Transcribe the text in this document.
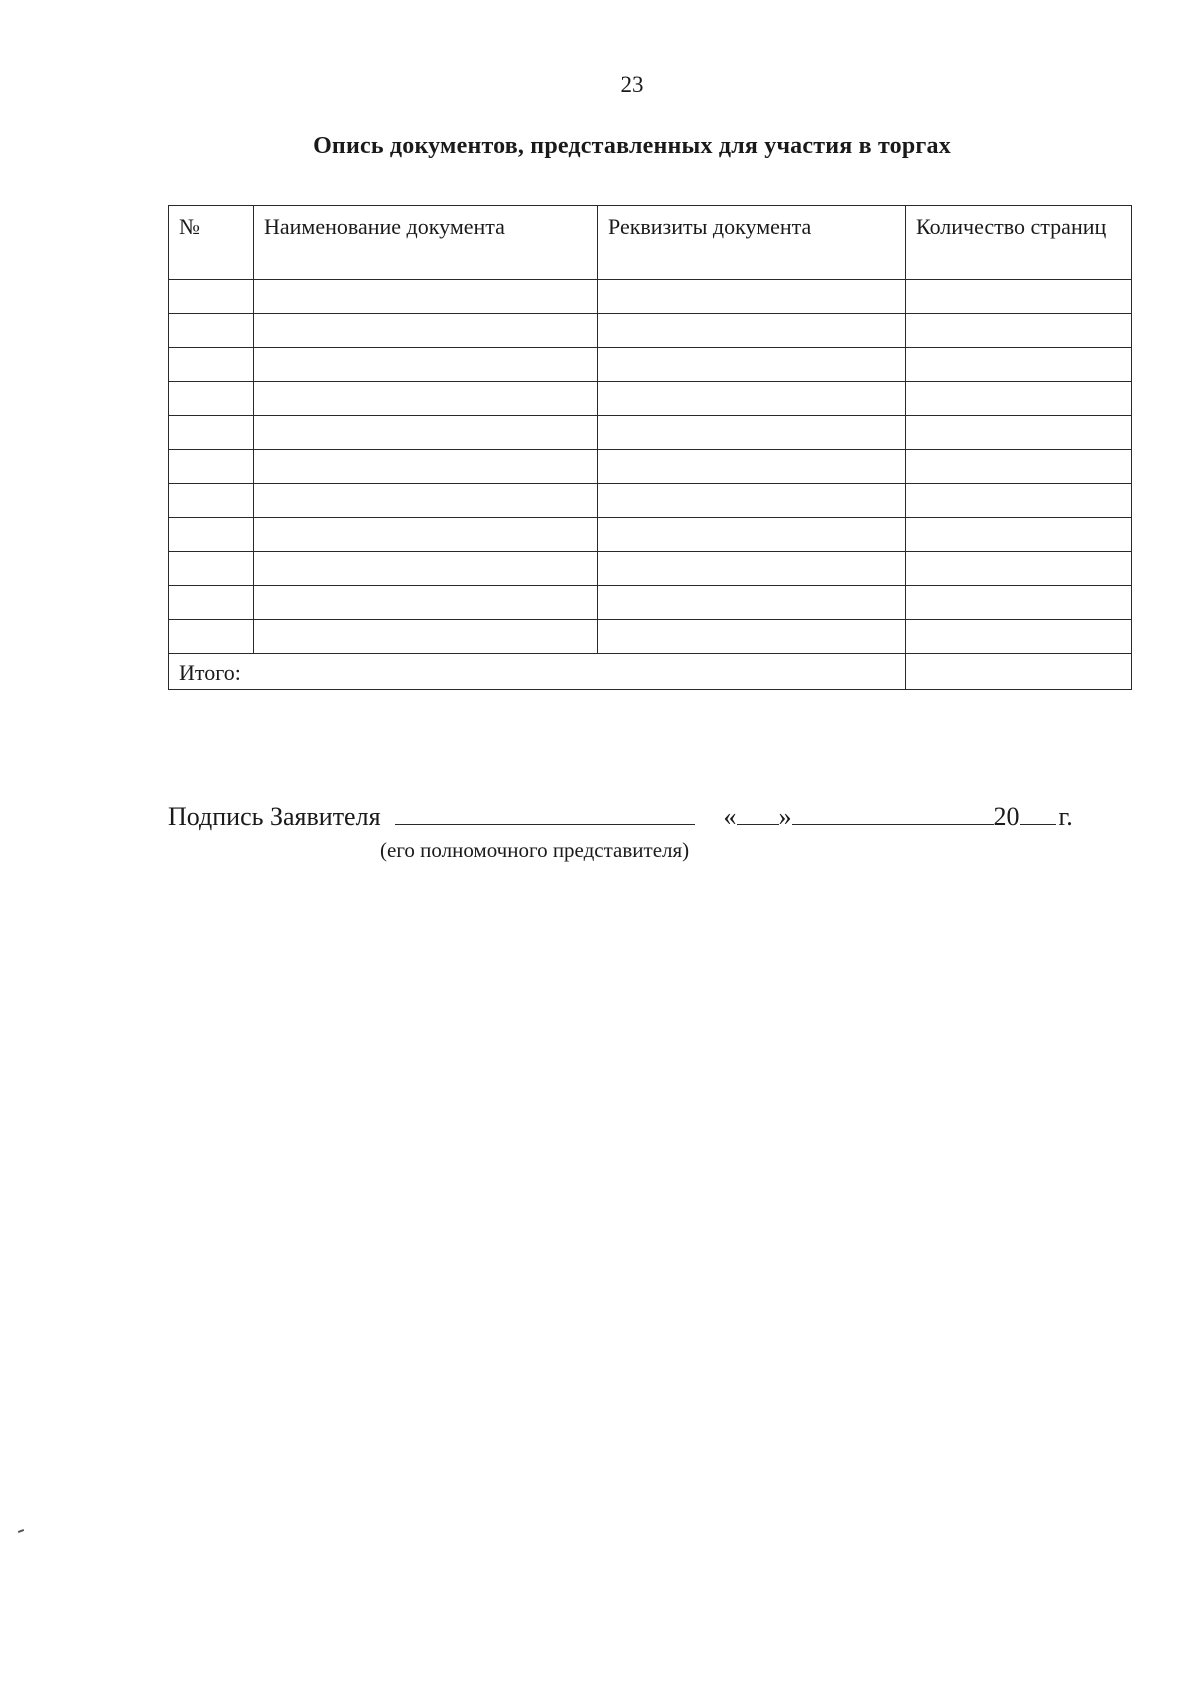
23
Опись документов, представленных для участия в торгах
№	Наименование документа	Реквизиты документа	Количество страниц

Итого:			
Подпись Заявителя	« »	20 г.
(его полномочного представителя)
